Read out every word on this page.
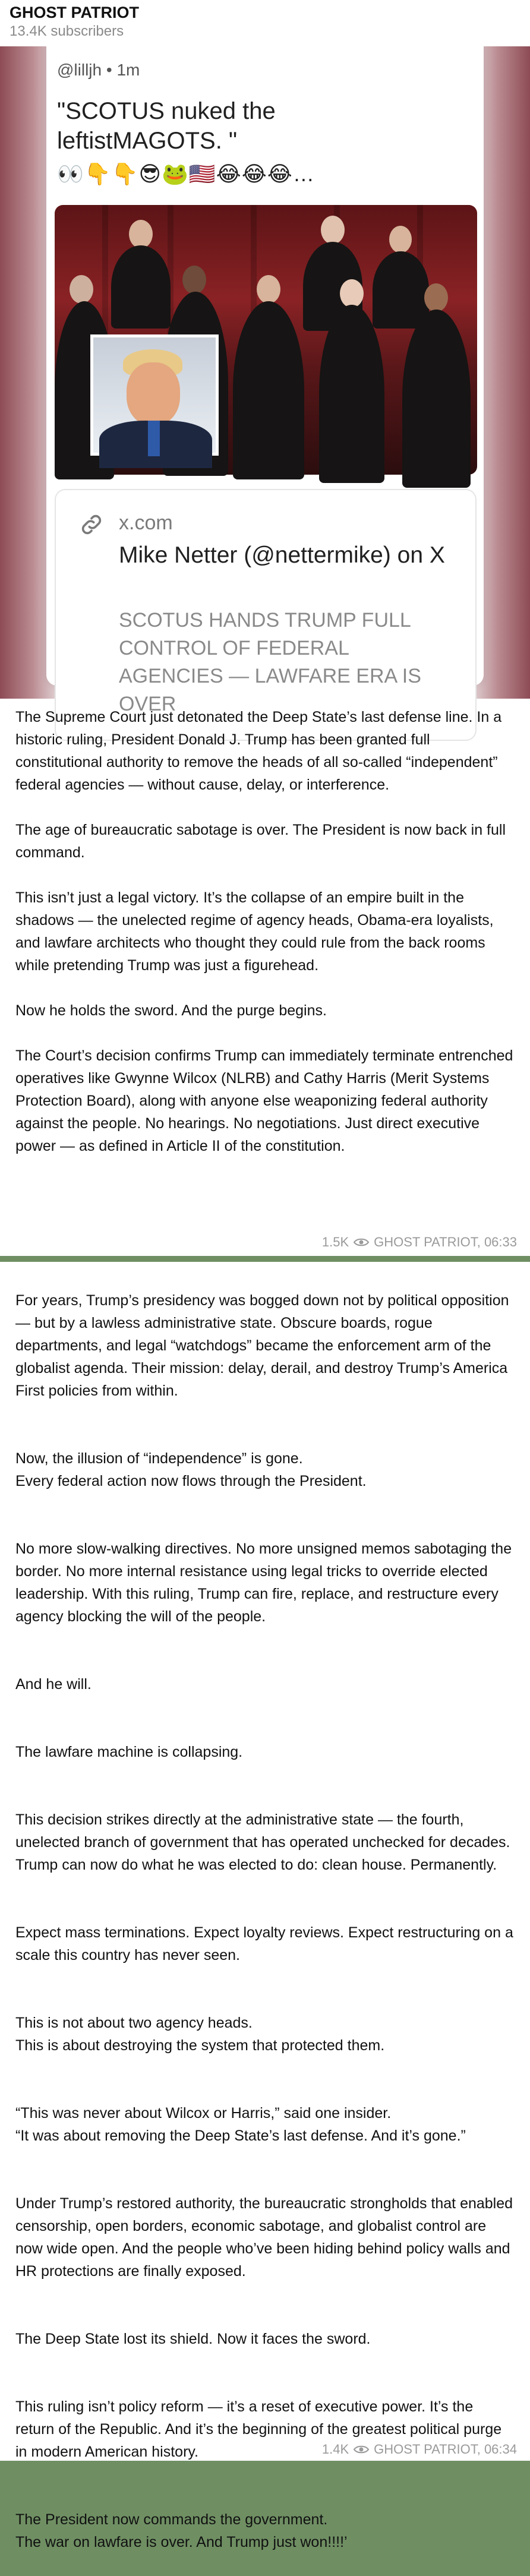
GHOST PATRIOT
13.4K subscribers
@lilljh • 1m
"SCOTUS nuked the leftistMAGOTS. "
👀👇👇😎🐸🇺🇸😂😂😂…
x.com
Mike Netter (@nettermike) on X
SCOTUS HANDS TRUMP FULL CONTROL OF FEDERAL AGENCIES — LAWFARE ERA IS OVER

The Supreme Court just detonated the Deep State’s last defense line. In a historic ruling, President Donald J. Trump has been granted full constitutional authority to remove the heads of all so-called “independent” federal agencies — without cause, delay, or interference.

The age of bureaucratic sabotage is over. The President is now back in full command.

This isn’t just a legal victory. It’s the collapse of an empire built in the shadows — the unelected regime of agency heads, Obama-era loyalists, and lawfare architects who thought they could rule from the back rooms while pretending Trump was just a figurehead.

Now he holds the sword. And the purge begins.

The Court’s decision confirms Trump can immediately terminate entrenched operatives like Gwynne Wilcox (NLRB) and Cathy Harris (Merit Systems Protection Board), along with anyone else weaponizing federal authority against the people. No hearings. No negotiations. Just direct executive power — as defined in Article II of the constitution.

1.5K GHOST PATRIOT, 06:33

For years, Trump’s presidency was bogged down not by political opposition — but by a lawless administrative state. Obscure boards, rogue departments, and legal “watchdogs” became the enforcement arm of the globalist agenda. Their mission: delay, derail, and destroy Trump’s America First policies from within.

Now, the illusion of “independence” is gone.
Every federal action now flows through the President.

No more slow-walking directives. No more unsigned memos sabotaging the border. No more internal resistance using legal tricks to override elected leadership. With this ruling, Trump can fire, replace, and restructure every agency blocking the will of the people.

And he will.

The lawfare machine is collapsing.

This decision strikes directly at the administrative state — the fourth, unelected branch of government that has operated unchecked for decades. Trump can now do what he was elected to do: clean house. Permanently.

Expect mass terminations. Expect loyalty reviews. Expect restructuring on a scale this country has never seen.

This is not about two agency heads.
This is about destroying the system that protected them.

“This was never about Wilcox or Harris,” said one insider.
“It was about removing the Deep State’s last defense. And it’s gone.”

Under Trump’s restored authority, the bureaucratic strongholds that enabled censorship, open borders, economic sabotage, and globalist control are now wide open. And the people who’ve been hiding behind policy walls and HR protections are finally exposed.

The Deep State lost its shield. Now it faces the sword.

This ruling isn’t policy reform — it’s a reset of executive power. It’s the return of the Republic. And it’s the beginning of the greatest political purge in modern American history.

The President now commands the government.
The war on lawfare is over. And Trump just won!!!!’

1.4K GHOST PATRIOT, 06:34
